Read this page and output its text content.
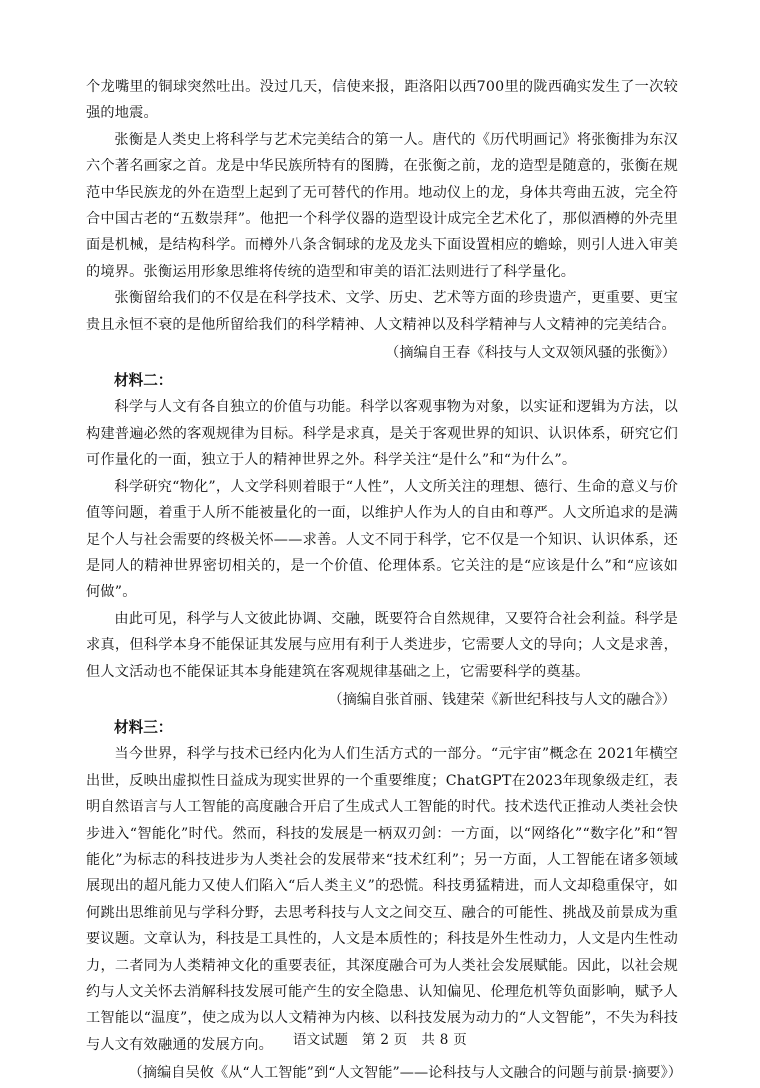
个龙嘴里的铜球突然吐出。没过几天，信使来报，距洛阳以西700里的陇西确实发生了一次较强的地震。

张衡是人类史上将科学与艺术完美结合的第一人。唐代的《历代明画记》将张衡排为东汉六个著名画家之首。龙是中华民族所特有的图腾，在张衡之前，龙的造型是随意的，张衡在规范中华民族龙的外在造型上起到了无可替代的作用。地动仪上的龙，身体共弯曲五波，完全符合中国古老的“五数崇拜”。他把一个科学仪器的造型设计成完全艺术化了，那似酒樽的外壳里面是机械，是结构科学。而樽外八条含铜球的龙及龙头下面设置相应的蟾蜍，则引人进入审美的境界。张衡运用形象思维将传统的造型和审美的语汇法则进行了科学量化。

张衡留给我们的不仅是在科学技术、文学、历史、艺术等方面的珍贵遗产，更重要、更宝贵且永恒不衰的是他所留给我们的科学精神、人文精神以及科学精神与人文精神的完美结合。

（摘编自王春《科技与人文双领风骚的张衡》）

材料二：

科学与人文有各自独立的价值与功能。科学以客观事物为对象，以实证和逻辑为方法，以构建普遍必然的客观规律为目标。科学是求真，是关于客观世界的知识、认识体系，研究它们可作量化的一面，独立于人的精神世界之外。科学关注“是什么”和“为什么”。

科学研究“物化”，人文学科则着眼于“人性”，人文所关注的理想、德行、生命的意义与价值等问题，着重于人所不能被量化的一面，以维护人作为人的自由和尊严。人文所追求的是满足个人与社会需要的终极关怀——求善。人文不同于科学，它不仅是一个知识、认识体系，还是同人的精神世界密切相关的，是一个价值、伦理体系。它关注的是“应该是什么”和“应该如何做”。

由此可见，科学与人文彼此协调、交融，既要符合自然规律，又要符合社会利益。科学是求真，但科学本身不能保证其发展与应用有利于人类进步，它需要人文的导向；人文是求善，但人文活动也不能保证其本身能建筑在客观规律基础之上，它需要科学的奠基。

（摘编自张首丽、钱建荣《新世纪科技与人文的融合》）

材料三：

当今世界，科学与技术已经内化为人们生活方式的一部分。“元宇宙”概念在 2021年横空出世，反映出虚拟性日益成为现实世界的一个重要维度；ChatGPT在2023年现象级走红，表明自然语言与人工智能的高度融合开启了生成式人工智能的时代。技术迭代正推动人类社会快步进入“智能化”时代。然而，科技的发展是一柄双刃剑：一方面，以“网络化”“数字化”和“智能化”为标志的科技进步为人类社会的发展带来“技术红利”；另一方面，人工智能在诸多领域展现出的超凡能力又使人们陷入“后人类主义”的恐慌。科技勇猛精进，而人文却稳重保守，如何跳出思维前见与学科分野，去思考科技与人文之间交互、融合的可能性、挑战及前景成为重要议题。文章认为，科技是工具性的，人文是本质性的；科技是外生性动力，人文是内生性动力，二者同为人类精神文化的重要表征，其深度融合可为人类社会发展赋能。因此，以社会规约与人文关怀去消解科技发展可能产生的安全隐患、认知偏见、伦理危机等负面影响，赋予人工智能以“温度”，使之成为以人文精神为内核、以科技发展为动力的“人文智能”，不失为科技与人文有效融通的发展方向。

（摘编自吴攸《从“人工智能”到“人文智能”——论科技与人文融合的问题与前景·摘要》）

语文试题　第 2 页　共 8 页
